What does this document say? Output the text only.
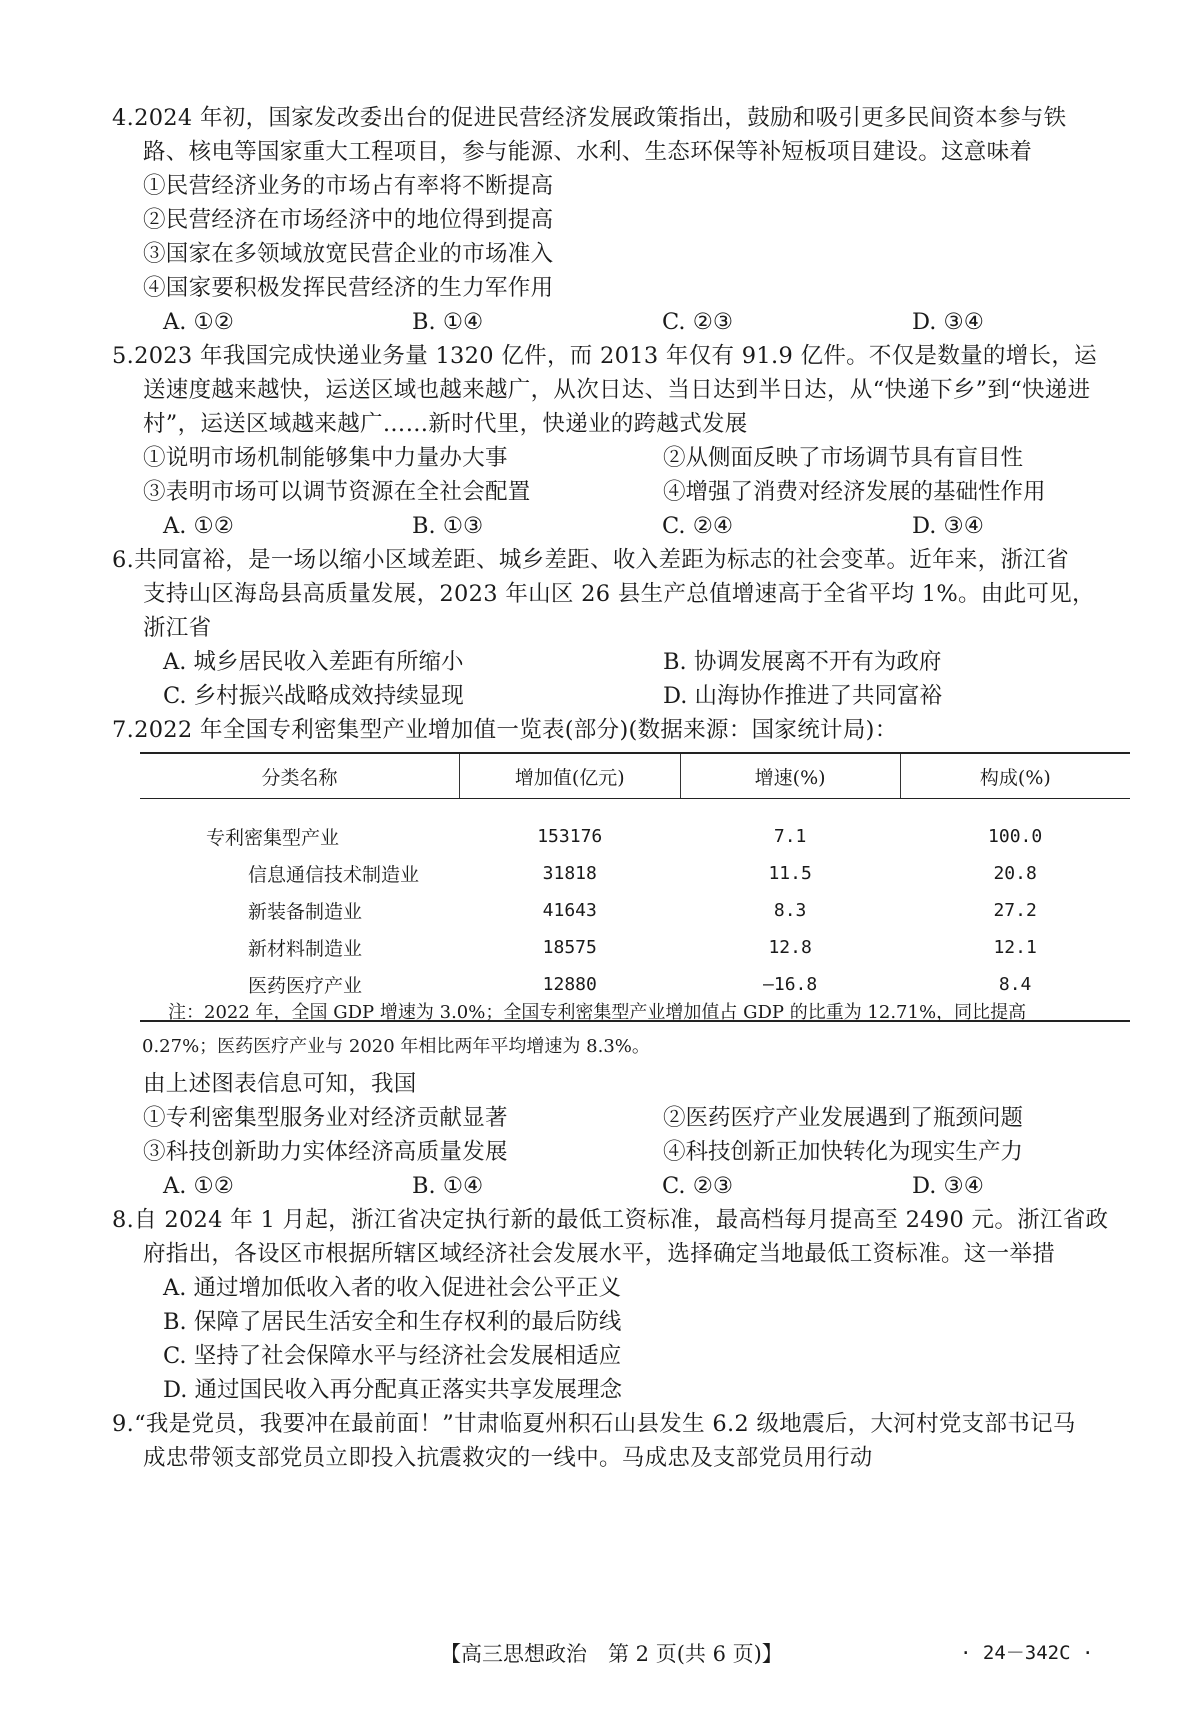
4.2024 年初，国家发改委出台的促进民营经济发展政策指出，鼓励和吸引更多民间资本参与铁
路、核电等国家重大工程项目，参与能源、水利、生态环保等补短板项目建设。这意味着
①民营经济业务的市场占有率将不断提高
②民营经济在市场经济中的地位得到提高
③国家在多领域放宽民营企业的市场准入
④国家要积极发挥民营经济的生力军作用
A. ①②	B. ①④	C. ②③	D. ③④
5.2023 年我国完成快递业务量 1320 亿件，而 2013 年仅有 91.9 亿件。不仅是数量的增长，运
送速度越来越快，运送区域也越来越广，从次日达、当日达到半日达，从“快递下乡”到“快递进
村”，运送区域越来越广……新时代里，快递业的跨越式发展
①说明市场机制能够集中力量办大事	②从侧面反映了市场调节具有盲目性
③表明市场可以调节资源在全社会配置	④增强了消费对经济发展的基础性作用
A. ①②	B. ①③	C. ②④	D. ③④
6.共同富裕，是一场以缩小区域差距、城乡差距、收入差距为标志的社会变革。近年来，浙江省
支持山区海岛县高质量发展，2023 年山区 26 县生产总值增速高于全省平均 1%。由此可见，
浙江省
A. 城乡居民收入差距有所缩小	B. 协调发展离不开有为政府
C. 乡村振兴战略成效持续显现	D. 山海协作推进了共同富裕
7.2022 年全国专利密集型产业增加值一览表(部分)(数据来源：国家统计局)：
分类名称	增加值(亿元)	增速(%)	构成(%)
专利密集型产业	153176	7.1	100.0
信息通信技术制造业	31818	11.5	20.8
新装备制造业	41643	8.3	27.2
新材料制造业	18575	12.8	12.1
医药医疗产业	12880	—16.8	8.4
注：2022 年，全国 GDP 增速为 3.0%；全国专利密集型产业增加值占 GDP 的比重为 12.71%，同比提高
0.27%；医药医疗产业与 2020 年相比两年平均增速为 8.3%。
由上述图表信息可知，我国
①专利密集型服务业对经济贡献显著	②医药医疗产业发展遇到了瓶颈问题
③科技创新助力实体经济高质量发展	④科技创新正加快转化为现实生产力
A. ①②	B. ①④	C. ②③	D. ③④
8.自 2024 年 1 月起，浙江省决定执行新的最低工资标准，最高档每月提高至 2490 元。浙江省政
府指出，各设区市根据所辖区域经济社会发展水平，选择确定当地最低工资标准。这一举措
A. 通过增加低收入者的收入促进社会公平正义
B. 保障了居民生活安全和生存权利的最后防线
C. 坚持了社会保障水平与经济社会发展相适应
D. 通过国民收入再分配真正落实共享发展理念
9.“我是党员，我要冲在最前面！”甘肃临夏州积石山县发生 6.2 级地震后，大河村党支部书记马
成忠带领支部党员立即投入抗震救灾的一线中。马成忠及支部党员用行动
【高三思想政治　第 2 页(共 6 页)】	· 24－342C ·
